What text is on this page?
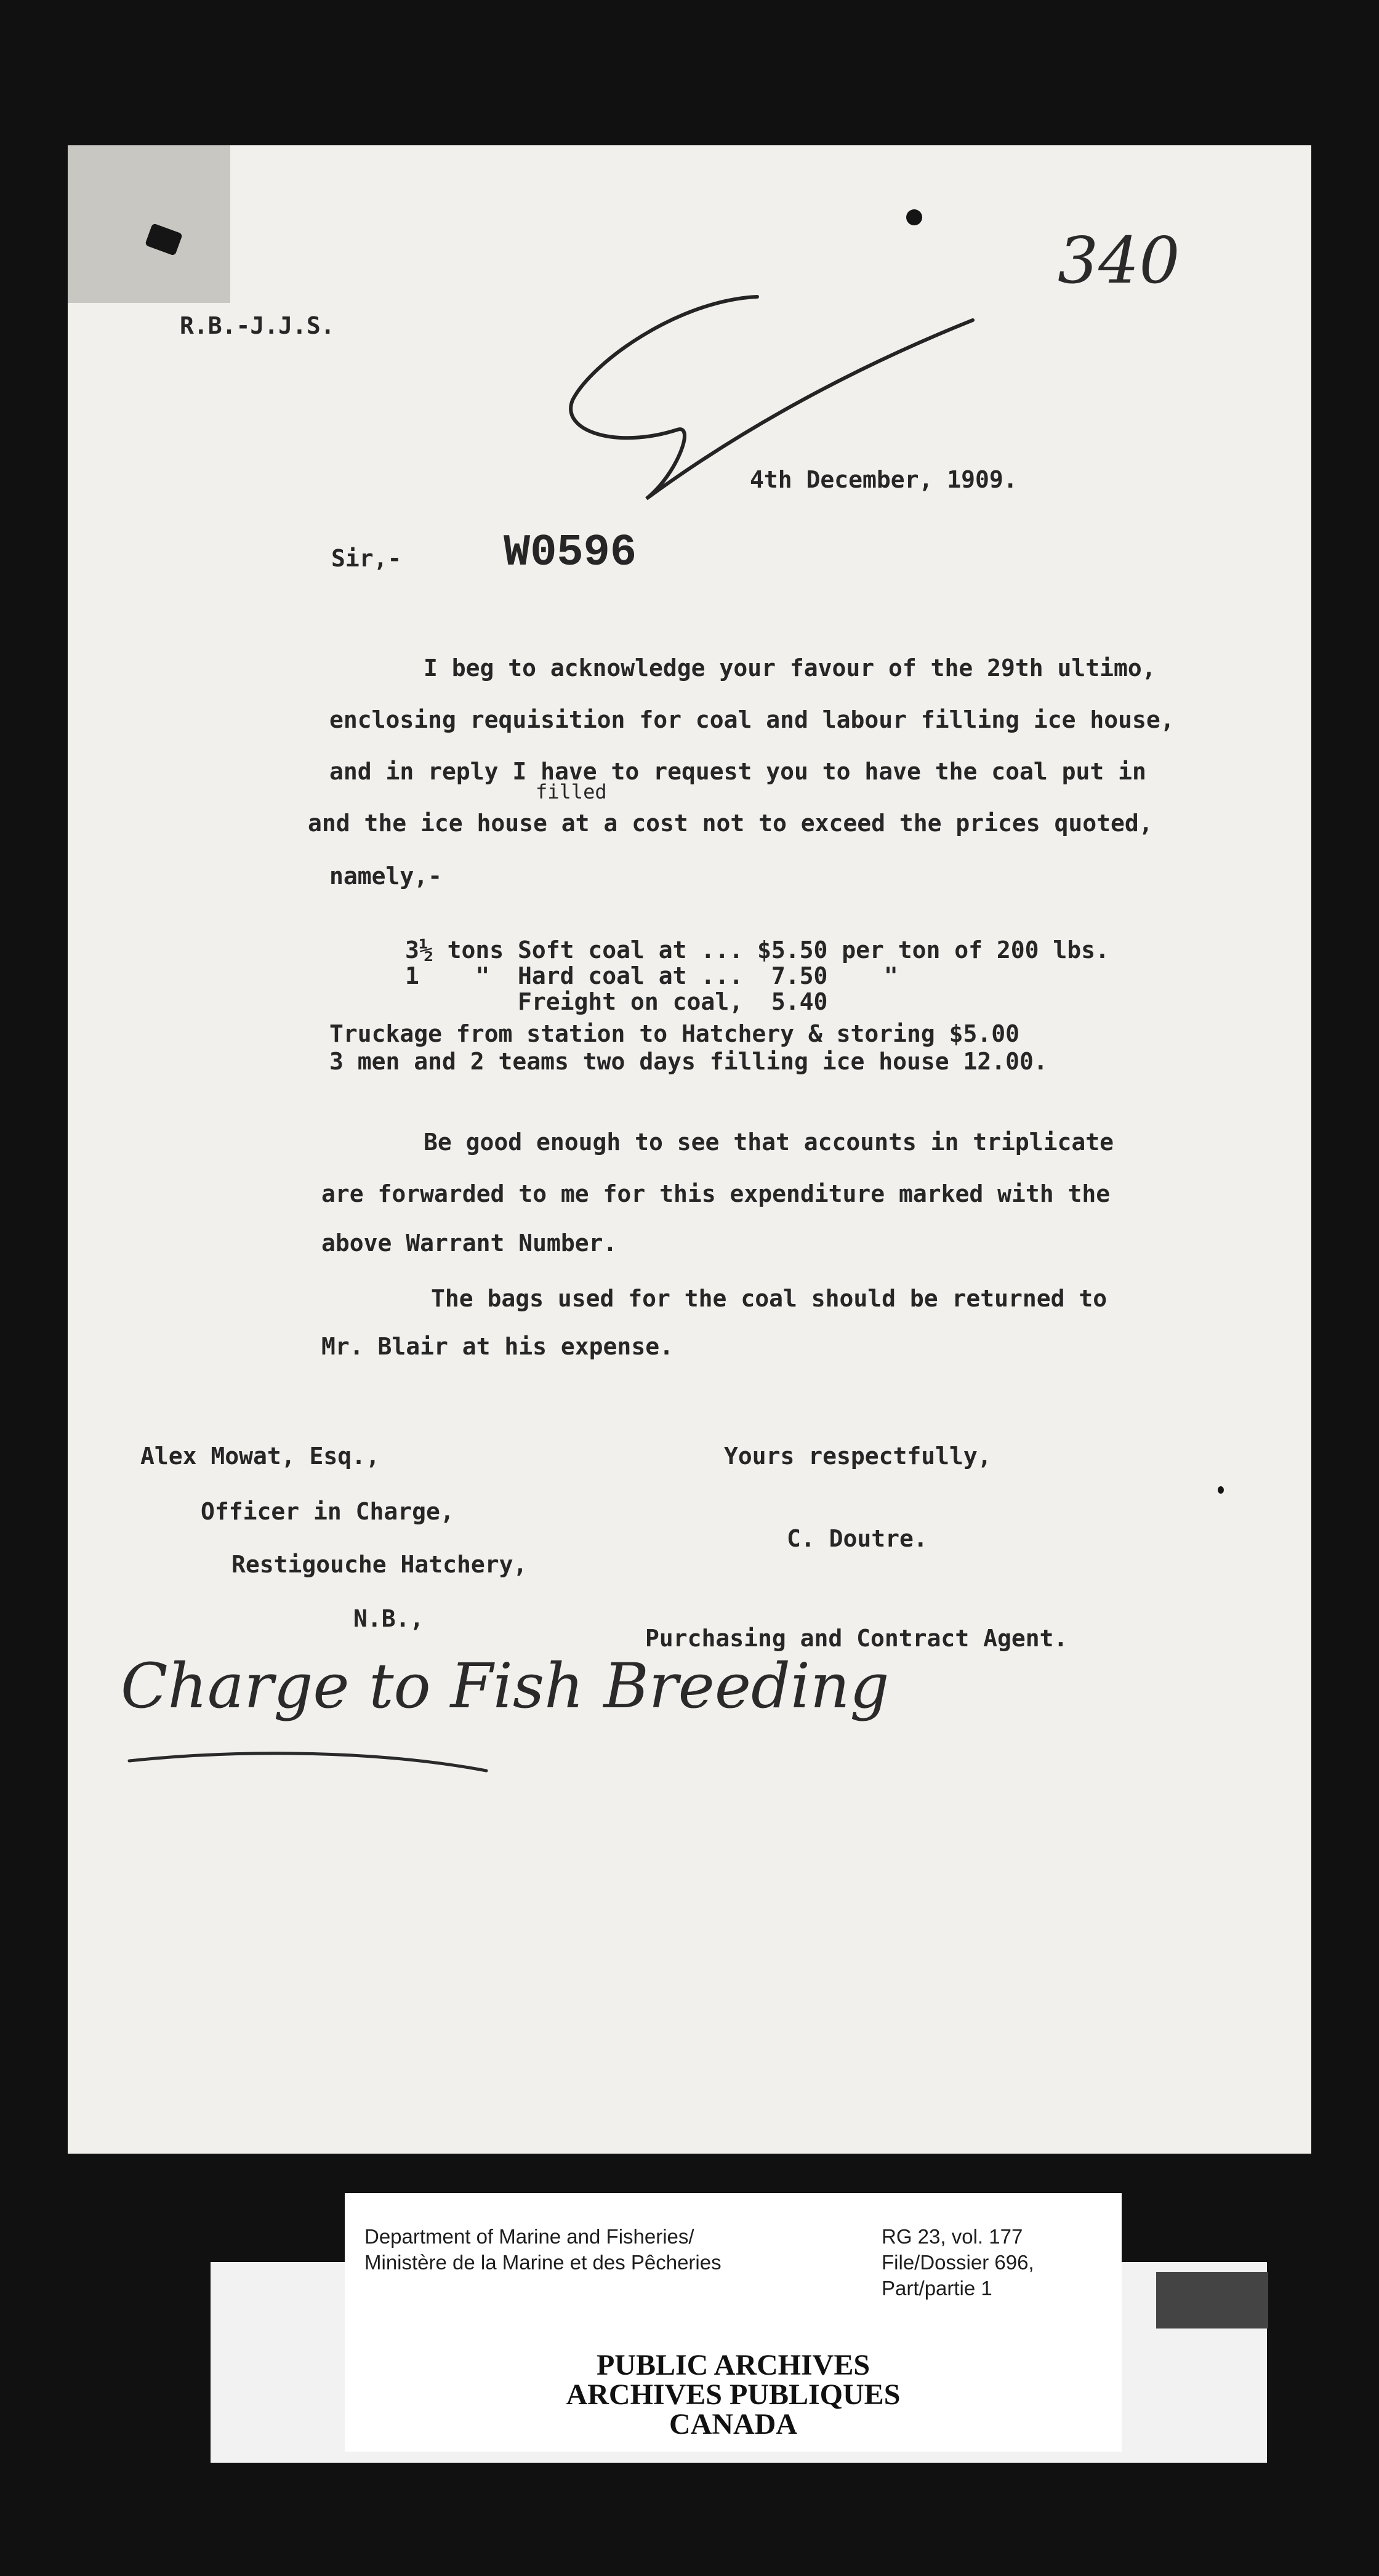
R.B.-J.J.S.

340

4th December, 1909.

Sir,- W0596

I beg to acknowledge your favour of the 29th ultimo,

enclosing requisition for coal and labour filling ice house,

and in reply I have to request you to have the coal put in

filled

and the ice house at a cost not to exceed the prices quoted,

namely,-

3½ tons Soft coal at ... $5.50 per ton of 200 lbs.

1    "  Hard coal at ...  7.50    "

Freight on coal,  5.40

Truckage from station to Hatchery & storing $5.00

3 men and 2 teams two days filling ice house 12.00.

Be good enough to see that accounts in triplicate

are forwarded to me for this expenditure marked with the

above Warrant Number.

The bags used for the coal should be returned to

Mr. Blair at his expense.

Alex Mowat, Esq.,

Officer in Charge,

Restigouche Hatchery,

N.B.,

Yours respectfully,

C. Doutre.

Purchasing and Contract Agent.

Charge to Fish Breeding

Department of Marine and Fisheries/

Ministère de la Marine et des Pêcheries

RG 23, vol. 177

File/Dossier 696,

Part/partie 1

PUBLIC ARCHIVES

ARCHIVES PUBLIQUES

CANADA
